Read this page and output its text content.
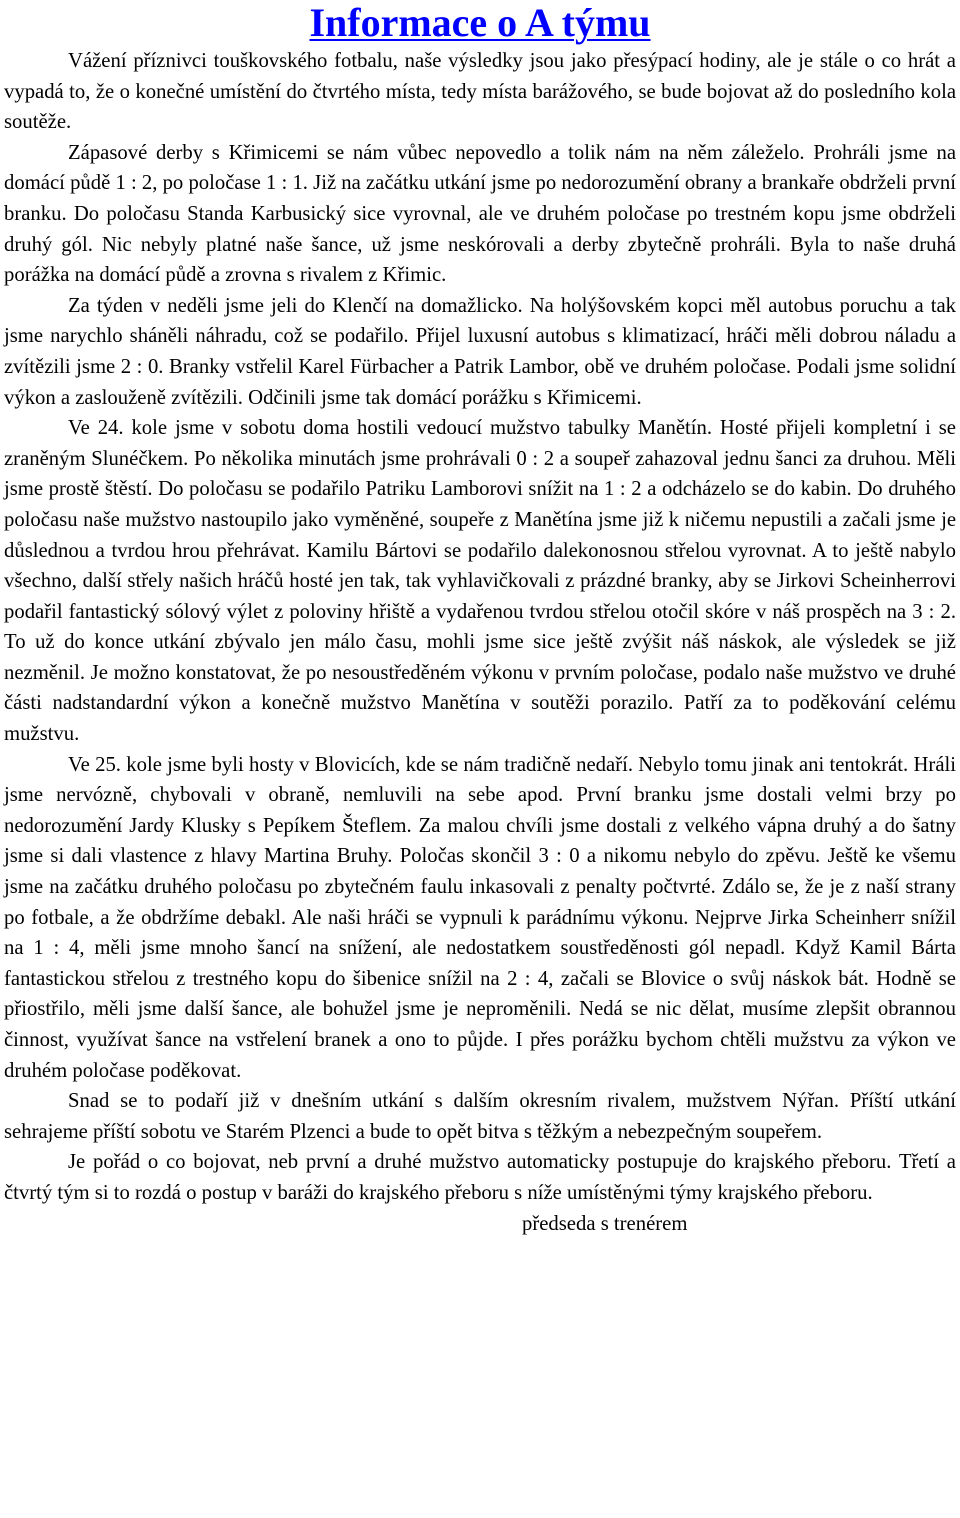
Informace o A týmu

Vážení příznivci touškovského fotbalu, naše výsledky jsou jako přesýpací hodiny, ale je stále o co hrát a vypadá to, že o konečné umístění do čtvrtého místa, tedy místa barážového, se bude bojovat až do posledního kola soutěže.

Zápasové derby s Křimicemi se nám vůbec nepovedlo a tolik nám na něm záleželo. Prohráli jsme na domácí půdě 1 : 2, po poločase 1 : 1. Již na začátku utkání jsme po nedorozumění obrany a brankaře obdrželi první branku. Do poločasu Standa Karbusický sice vyrovnal, ale ve druhém poločase po trestném kopu jsme obdrželi druhý gól. Nic nebyly platné naše šance, už jsme neskórovali a derby zbytečně prohráli. Byla to naše druhá porážka na domácí půdě a zrovna s rivalem z Křimic.

Za týden v neděli jsme jeli do Klenčí na domažlicko. Na holýšovském kopci měl autobus poruchu a tak jsme narychlo sháněli náhradu, což se podařilo. Přijel luxusní autobus s klimatizací, hráči měli dobrou náladu a zvítězili jsme 2 : 0. Branky vstřelil Karel Fürbacher a Patrik Lambor, obě ve druhém poločase. Podali jsme solidní výkon a zaslouženě zvítězili. Odčinili jsme tak domácí porážku s Křimicemi.

Ve 24. kole jsme v sobotu doma hostili vedoucí mužstvo tabulky Manětín. Hosté přijeli kompletní i se zraněným Slunéčkem. Po několika minutách jsme prohrávali 0 : 2 a soupeř zahazoval jednu šanci za druhou. Měli jsme prostě štěstí. Do poločasu se podařilo Patriku Lamborovi snížit na 1 : 2 a odcházelo se do kabin. Do druhého poločasu naše mužstvo nastoupilo jako vyměněné, soupeře z Manětína jsme již k ničemu nepustili a začali jsme je důslednou a tvrdou hrou přehrávat. Kamilu Bártovi se podařilo dalekonosnou střelou vyrovnat. A to ještě nabylo všechno, další střely našich hráčů hosté jen tak, tak vyhlavičkovali z prázdné branky, aby se Jirkovi Scheinherrovi podařil fantastický sólový výlet z poloviny hřiště a vydařenou tvrdou střelou otočil skóre v náš prospěch na 3 : 2. To už do konce utkání zbývalo jen málo času, mohli jsme sice ještě zvýšit náš náskok, ale výsledek se již nezměnil. Je možno konstatovat, že po nesoustředěném výkonu v prvním poločase, podalo naše mužstvo ve druhé části nadstandardní výkon a konečně mužstvo Manětína v soutěži porazilo. Patří za to poděkování celému mužstvu.

Ve 25. kole jsme byli hosty v Blovicích, kde se nám tradičně nedaří. Nebylo tomu jinak ani tentokrát. Hráli jsme nervózně, chybovali v obraně, nemluvili na sebe apod. První branku jsme dostali velmi brzy po nedorozumění Jardy Klusky s Pepíkem Šteflem. Za malou chvíli jsme dostali z velkého vápna druhý a do šatny jsme si dali vlastence z hlavy Martina Bruhy. Poločas skončil 3 : 0 a nikomu nebylo do zpěvu. Ještě ke všemu jsme na začátku druhého poločasu po zbytečném faulu inkasovali z penalty počtvrté. Zdálo se, že je z naší strany po fotbale, a že obdržíme debakl. Ale naši hráči se vypnuli k parádnímu výkonu. Nejprve Jirka Scheinherr snížil na 1 : 4, měli jsme mnoho šancí na snížení, ale nedostatkem soustředěnosti gól nepadl. Když Kamil Bárta fantastickou střelou z trestného kopu do šibenice snížil na 2 : 4, začali se Blovice o svůj náskok bát. Hodně se přiostřilo, měli jsme další šance, ale bohužel jsme je neproměnili. Nedá se nic dělat, musíme zlepšit obrannou činnost, využívat šance na vstřelení branek a ono to půjde. I přes porážku bychom chtěli mužstvu za výkon ve druhém poločase poděkovat.

Snad se to podaří již v dnešním utkání s dalším okresním rivalem, mužstvem Nýřan. Příští utkání sehrajeme příští sobotu ve Starém Plzenci a bude to opět bitva s těžkým a nebezpečným soupeřem.

Je pořád o co bojovat, neb první a druhé mužstvo automaticky postupuje do krajského přeboru. Třetí a čtvrtý tým si to rozdá o postup v baráži do krajského přeboru s níže umístěnými týmy krajského přeboru.

předseda s trenérem
